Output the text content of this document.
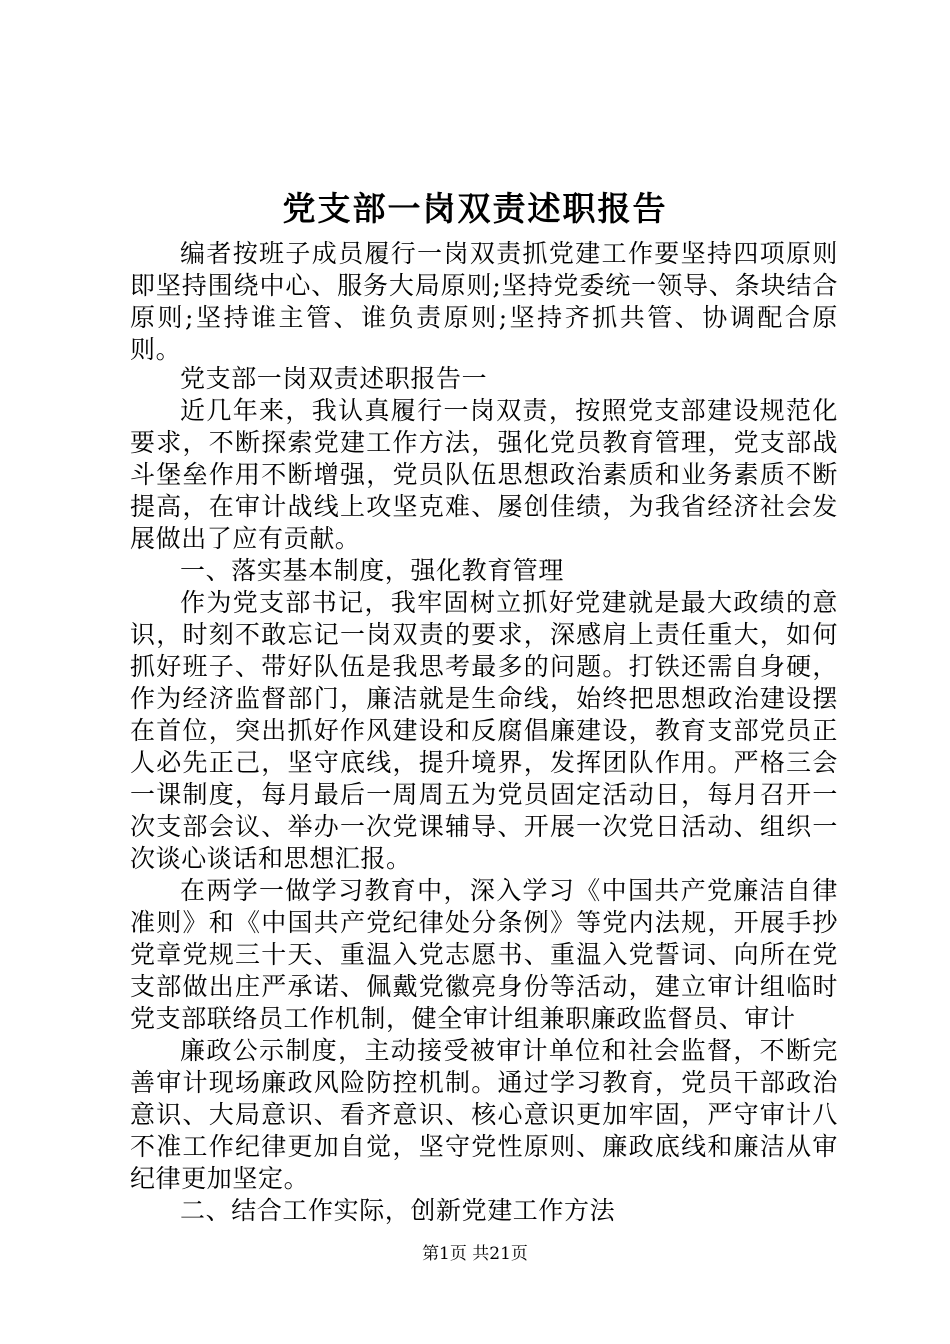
党支部一岗双责述职报告

编者按班子成员履行一岗双责抓党建工作要坚持四项原则即坚持围绕中心、服务大局原则;坚持党委统一领导、条块结合原则;坚持谁主管、谁负责原则;坚持齐抓共管、协调配合原则。

党支部一岗双责述职报告一

近几年来，我认真履行一岗双责，按照党支部建设规范化要求，不断探索党建工作方法，强化党员教育管理，党支部战斗堡垒作用不断增强，党员队伍思想政治素质和业务素质不断提高，在审计战线上攻坚克难、屡创佳绩，为我省经济社会发展做出了应有贡献。

一、落实基本制度，强化教育管理

作为党支部书记，我牢固树立抓好党建就是最大政绩的意识，时刻不敢忘记一岗双责的要求，深感肩上责任重大，如何抓好班子、带好队伍是我思考最多的问题。打铁还需自身硬，作为经济监督部门，廉洁就是生命线，始终把思想政治建设摆在首位，突出抓好作风建设和反腐倡廉建设，教育支部党员正人必先正己，坚守底线，提升境界，发挥团队作用。严格三会一课制度，每月最后一周周五为党员固定活动日，每月召开一次支部会议、举办一次党课辅导、开展一次党日活动、组织一次谈心谈话和思想汇报。

在两学一做学习教育中，深入学习《中国共产党廉洁自律准则》和《中国共产党纪律处分条例》等党内法规，开展手抄党章党规三十天、重温入党志愿书、重温入党誓词、向所在党支部做出庄严承诺、佩戴党徽亮身份等活动，建立审计组临时党支部联络员工作机制，健全审计组兼职廉政监督员、审计

廉政公示制度，主动接受被审计单位和社会监督，不断完善审计现场廉政风险防控机制。通过学习教育，党员干部政治意识、大局意识、看齐意识、核心意识更加牢固，严守审计八不准工作纪律更加自觉，坚守党性原则、廉政底线和廉洁从审纪律更加坚定。

二、结合工作实际，创新党建工作方法

第1页 共21页
